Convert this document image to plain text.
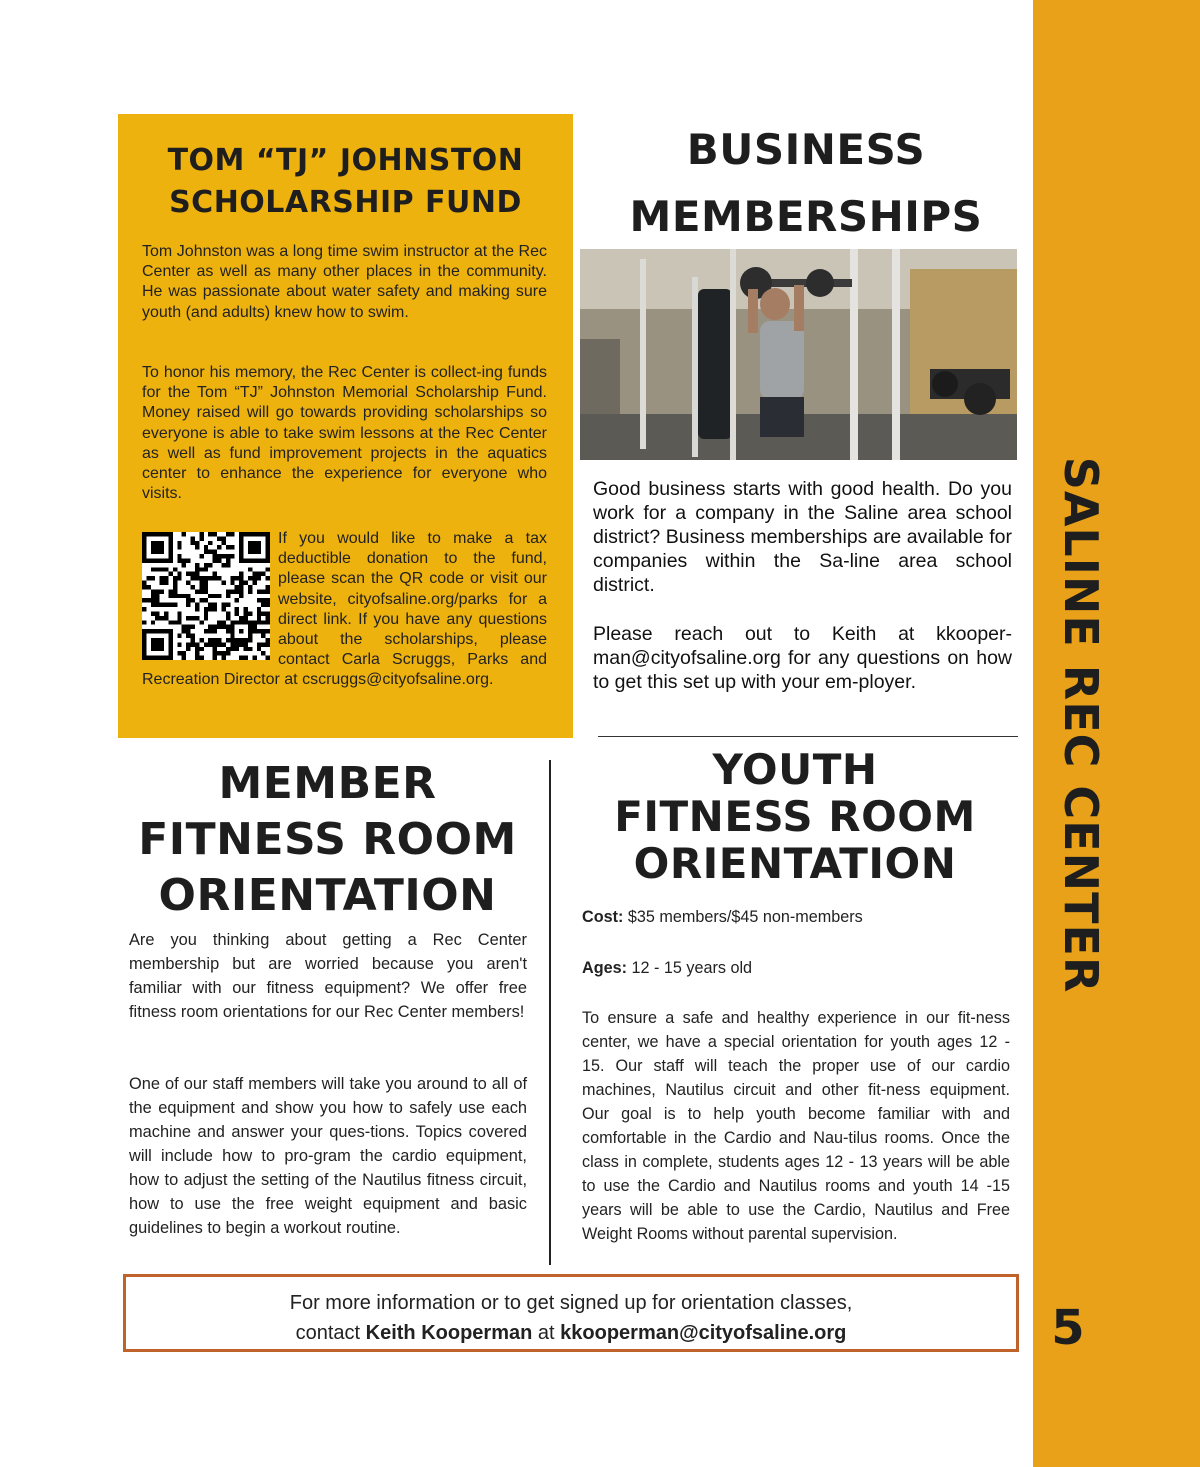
SALINE REC CENTER
5
TOM “TJ” JOHNSTON
SCHOLARSHIP FUND

Tom Johnston was a long time swim instructor at the Rec Center as well as many other places in the community. He was passionate about water safety and making sure youth (and adults) knew how to swim.

To honor his memory, the Rec Center is collect-ing funds for the Tom “TJ” Johnston Memorial Scholarship Fund. Money raised will go towards providing scholarships so everyone is able to take swim lessons at the Rec Center as well as fund improvement projects in the aquatics center to enhance the experience for everyone who visits.

If you would like to make a tax deductible donation to the fund, please scan the QR code or visit our website, cityofsaline.org/parks for a direct link. If you have any questions about the scholarships, please contact Carla Scruggs, Parks and Recreation Director at cscruggs@cityofsaline.org.
BUSINESS
MEMBERSHIPS

Good business starts with good health. Do you work for a company in the Saline area school district? Business memberships are available for companies within the Sa-line area school district.

Please reach out to Keith at kkooper-man@cityofsaline.org for any questions on how to get this set up with your em-ployer.

MEMBER
FITNESS ROOM
ORIENTATION

Are you thinking about getting a Rec Center membership but are worried because you aren't familiar with our fitness equipment? We offer free fitness room orientations for our Rec Center members!

One of our staff members will take you around to all of the equipment and show you how to safely use each machine and answer your ques-tions. Topics covered will include how to pro-gram the cardio equipment, how to adjust the setting of the Nautilus fitness circuit, how to use the free weight equipment and basic guidelines to begin a workout routine.

YOUTH
FITNESS ROOM
ORIENTATION

Cost: $35 members/$45 non-members

Ages: 12 - 15 years old

To ensure a safe and healthy experience in our fit-ness center, we have a special orientation for youth ages 12 - 15. Our staff will teach the proper use of our cardio machines, Nautilus circuit and other fit-ness equipment. Our goal is to help youth become familiar with and comfortable in the Cardio and Nau-tilus rooms. Once the class in complete, students ages 12 - 13 years will be able to use the Cardio and Nautilus rooms and youth 14 -15 years will be able to use the Cardio, Nautilus and Free Weight Rooms without parental supervision.

For more information or to get signed up for orientation classes,

contact Keith Kooperman at kkooperman@cityofsaline.org
